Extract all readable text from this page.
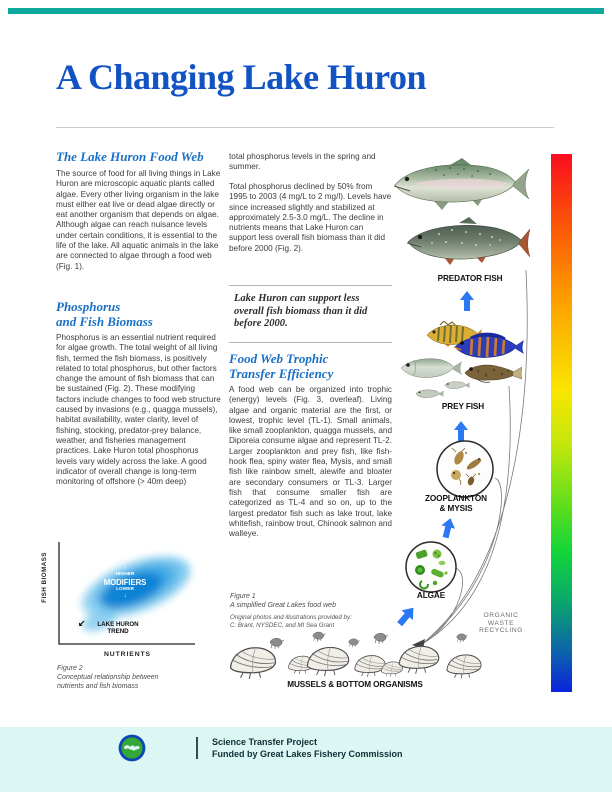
A Changing Lake Huron
The Lake Huron Food Web
The source of food for all living things in Lake Huron are microscopic aquatic plants called algae. Every other living organism in the lake must either eat live or dead algae directly or eat another organism that depends on algae. Although algae can reach nuisance levels under certain conditions, it is essential to the life of the lake. All aquatic animals in the lake are connected to algae through a food web (Fig. 1).
Phosphorus
and Fish Biomass
Phosphorus is an essential nutrient required for algae growth. The total weight of all living fish, termed the fish biomass, is positively related to total phosphorus, but other factors change the amount of fish biomass that can be sustained (Fig. 2). These modifying factors include changes to food web structure caused by invasions (e.g., quagga mussels), habitat availability, water clarity, level of fishing, stocking, predator-prey balance, weather, and fisheries management practices. Lake Huron total phosphorus levels vary widely across the lake. A good indicator of overall change is long-term monitoring of offshore (> 40m deep)
total phosphorus levels in the spring and summer.
Total phosphorus declined by 50% from 1995 to 2003 (4 mg/L to 2 mg/l). Levels have since increased slightly and stabilized at approximately 2.5-3.0 mg/L. The decline in nutrients means that Lake Huron can support less overall fish biomass than it did before 2000 (Fig. 2).
Lake Huron can support less overall fish biomass than it did before 2000.
Food Web Trophic
Transfer Efficiency
A food web can be organized into trophic (energy) levels (Fig. 3, overleaf). Living algae and organic material are the first, or lowest, trophic level (TL-1). Small animals, like small zooplankton, quagga mussels, and Diporeia consume algae and represent TL-2. Larger zooplankton and prey fish, like fish-hook flea, spiny water flea, Mysis, and small fish like rainbow smelt, alewife and bloater are secondary consumers or TL-3. Larger fish that consume smaller fish are categorized as TL-4 and so on, up to the largest predator fish such as lake trout, lake whitefish, rainbow trout, Chinook salmon and walleye.
Figure 1
A simplified Great Lakes food web
Original photos and illustrations provided by:
C. Brant, NYSDEC, and MI Sea Grant
PREDATOR FISH
PREY FISH
ZOOPLANKTON
& MYSIS
ALGAE
ORGANIC
WASTE
RECYCLING
MUSSELS & BOTTOM ORGANISMS
↑
HIGHER
MODIFIERS
LOWER
↓
↙	LAKE HURON
TREND
FISH BIOMASS
NUTRIENTS
Figure 2
Conceptual relationship between
nutrients and fish biomass
Science Transfer Project
Funded by Great Lakes Fishery Commission
